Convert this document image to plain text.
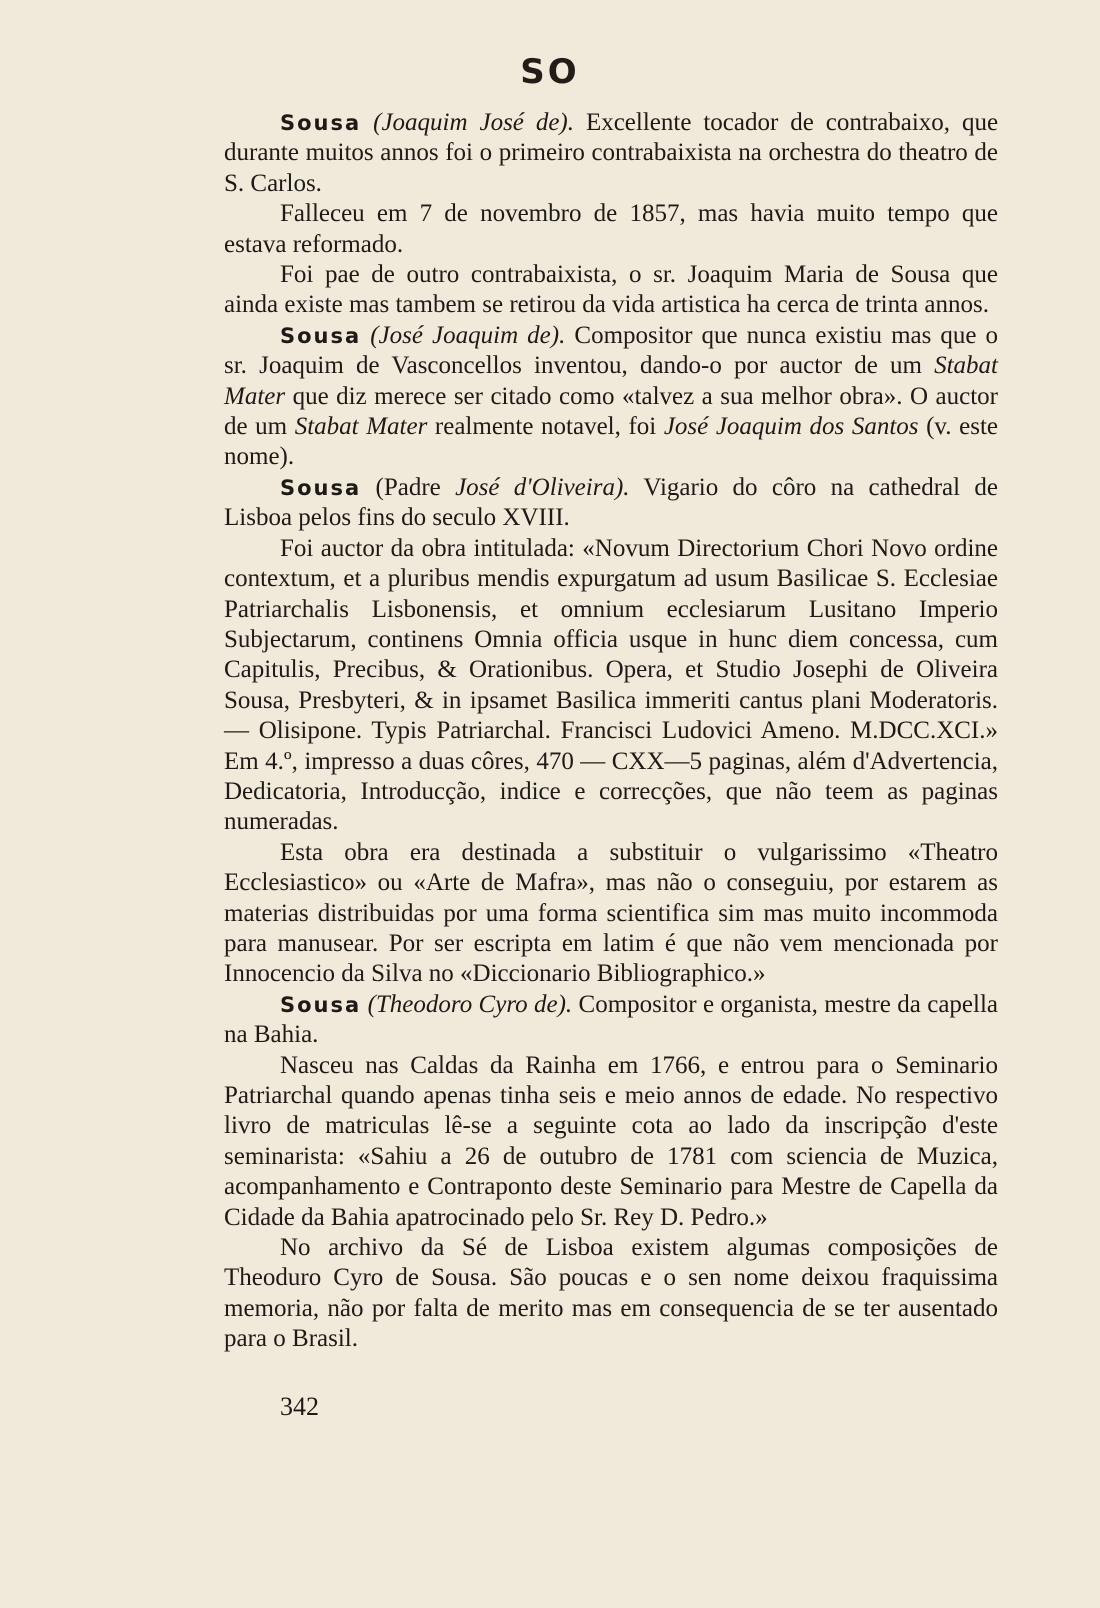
SO

Sousa (Joaquim José de). Excellente tocador de contrabaixo, que durante muitos annos foi o primeiro contrabaixista na orchestra do theatro de S. Carlos.

Falleceu em 7 de novembro de 1857, mas havia muito tempo que estava reformado.

Foi pae de outro contrabaixista, o sr. Joaquim Maria de Sousa que ainda existe mas tambem se retirou da vida artistica ha cerca de trinta annos.

Sousa (José Joaquim de). Compositor que nunca existiu mas que o sr. Joaquim de Vasconcellos inventou, dando-o por auctor de um Stabat Mater que diz merece ser citado como «talvez a sua melhor obra». O auctor de um Stabat Mater realmente notavel, foi José Joaquim dos Santos (v. este nome).

Sousa (Padre José d'Oliveira). Vigario do côro na cathedral de Lisboa pelos fins do seculo XVIII.

Foi auctor da obra intitulada: «Novum Directorium Chori Novo ordine contextum, et a pluribus mendis expurgatum ad usum Basilicae S. Ecclesiae Patriarchalis Lisbonensis, et omnium ecclesiarum Lusitano Imperio Subjectarum, continens Omnia officia usque in hunc diem concessa, cum Capitulis, Precibus, & Orationibus. Opera, et Studio Josephi de Oliveira Sousa, Presbyteri, & in ipsamet Basilica immeriti cantus plani Moderatoris.— Olisipone. Typis Patriarchal. Francisci Ludovici Ameno. M.DCC.XCI.» Em 4.º, impresso a duas côres, 470 — CXX—5 paginas, além d'Advertencia, Dedicatoria, Introducção, indice e correcções, que não teem as paginas numeradas.

Esta obra era destinada a substituir o vulgarissimo «Theatro Ecclesiastico» ou «Arte de Mafra», mas não o conseguiu, por estarem as materias distribuidas por uma forma scientifica sim mas muito incommoda para manusear. Por ser escripta em latim é que não vem mencionada por Innocencio da Silva no «Diccionario Bibliographico.»

Sousa (Theodoro Cyro de). Compositor e organista, mestre da capella na Bahia.

Nasceu nas Caldas da Rainha em 1766, e entrou para o Seminario Patriarchal quando apenas tinha seis e meio annos de edade. No respectivo livro de matriculas lê-se a seguinte cota ao lado da inscripção d'este seminarista: «Sahiu a 26 de outubro de 1781 com sciencia de Muzica, acompanhamento e Contraponto deste Seminario para Mestre de Capella da Cidade da Bahia apatrocinado pelo Sr. Rey D. Pedro.»

No archivo da Sé de Lisboa existem algumas composições de Theoduro Cyro de Sousa. São poucas e o sen nome deixou fraquissima memoria, não por falta de merito mas em consequencia de se ter ausentado para o Brasil.

342
